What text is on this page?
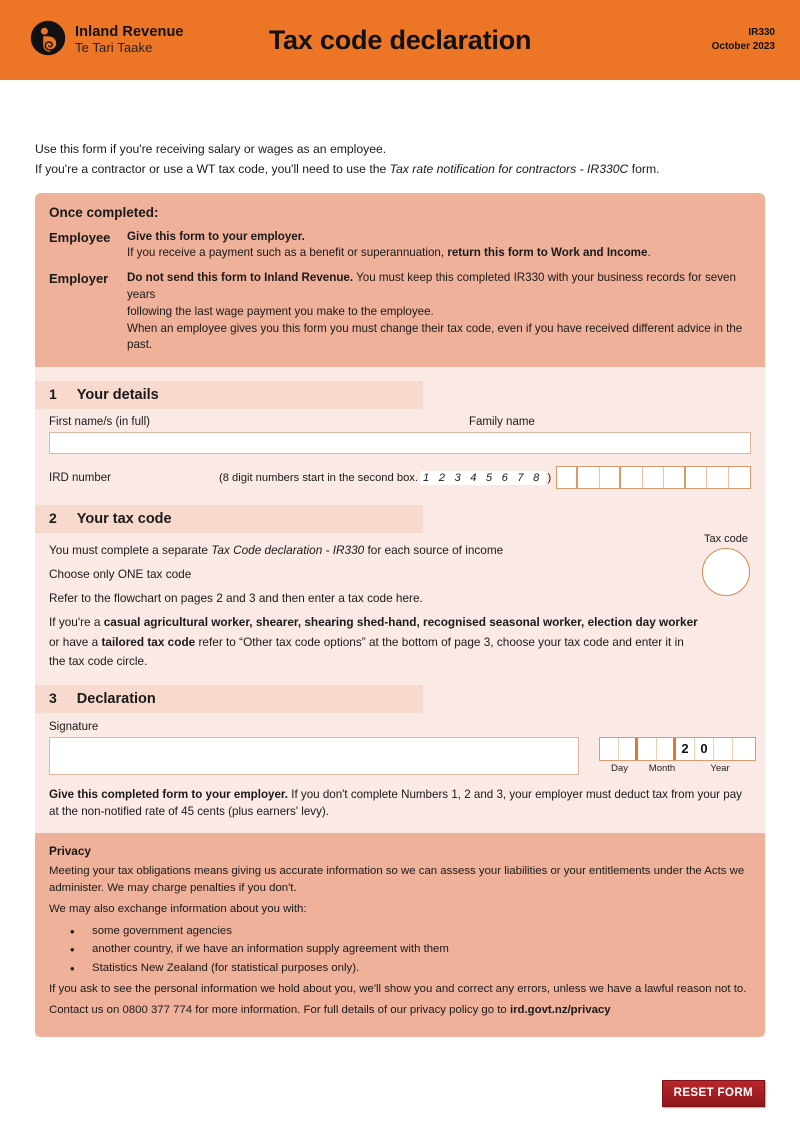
Inland Revenue
Te Tari Taake	Tax code declaration	IR330
October 2023
Use this form if you're receiving salary or wages as an employee.
If you're a contractor or use a WT tax code, you'll need to use the Tax rate notification for contractors - IR330C form.
Once completed:
Employee	Give this form to your employer.
If you receive a payment such as a benefit or superannuation, return this form to Work and Income.
Employer	Do not send this form to Inland Revenue. You must keep this completed IR330 with your business records for seven years
following the last wage payment you make to the employee.
When an employee gives you this form you must change their tax code, even if you have received different advice in the past.
1 Your details
First name/s (in full)	Family name
IRD number	(8 digit numbers start in the second box. 1 2 3 4 5 6 7 8 )
2 Your tax code

You must complete a separate Tax Code declaration - IR330 for each source of income

Choose only ONE tax code

Refer to the flowchart on pages 2 and 3 and then enter a tax code here.

If you're a casual agricultural worker, shearer, shearing shed-hand, recognised seasonal worker, election day worker or have a tailored tax code refer to “Other tax code options” at the bottom of page 3, choose your tax code and enter it in the tax code circle.

Tax code
3 Declaration
Signature
2 0
Day	Month	Year
Give this completed form to your employer. If you don't complete Numbers 1, 2 and 3, your employer must deduct tax from your pay at the non-notified rate of 45 cents (plus earners' levy).
Privacy

Meeting your tax obligations means giving us accurate information so we can assess your liabilities or your entitlements under the Acts we administer. We may charge penalties if you don't.

We may also exchange information about you with:

• some government agencies
• another country, if we have an information supply agreement with them
• Statistics New Zealand (for statistical purposes only).

If you ask to see the personal information we hold about you, we'll show you and correct any errors, unless we have a lawful reason not to.

Contact us on 0800 377 774 for more information. For full details of our privacy policy go to ird.govt.nz/privacy

RESET FORM
